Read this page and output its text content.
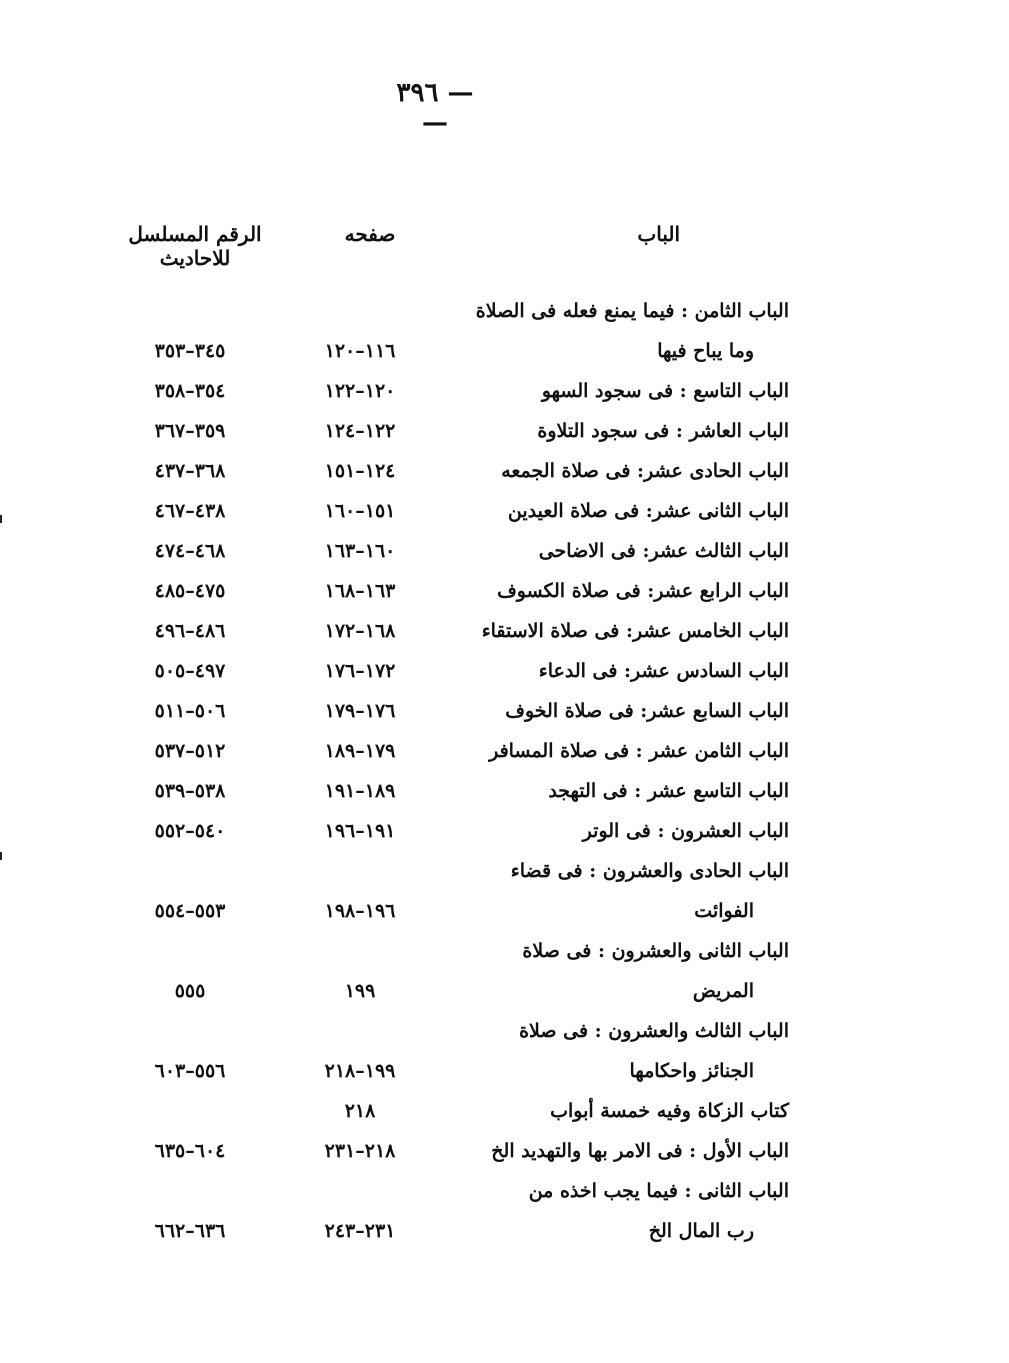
— ٣٩٦ —
الباب
صفحه
الرقم المسلسل للاحاديث
الباب الثامن : فيما يمنع فعله فى الصلاة
وما يباح فيها
١١٦–١٢٠
٣٤٥–٣٥٣
الباب التاسع : فى سجود السهو
١٢٠–١٢٢
٣٥٤–٣٥٨
الباب العاشر : فى سجود التلاوة
١٢٢–١٢٤
٣٥٩–٣٦٧
الباب الحادى عشر: فى صلاة الجمعه
١٢٤–١٥١
٣٦٨–٤٣٧
الباب الثانى عشر: فى صلاة العيدين
١٥١–١٦٠
٤٣٨–٤٦٧
الباب الثالث عشر: فى الاضاحى
١٦٠–١٦٣
٤٦٨–٤٧٤
الباب الرابع عشر: فى صلاة الكسوف
١٦٣–١٦٨
٤٧٥–٤٨٥
الباب الخامس عشر: فى صلاة الاستقاء
١٦٨–١٧٢
٤٨٦–٤٩٦
الباب السادس عشر: فى الدعاء
١٧٢–١٧٦
٤٩٧–٥٠٥
الباب السابع عشر: فى صلاة الخوف
١٧٦–١٧٩
٥٠٦–٥١١
الباب الثامن عشر : فى صلاة المسافر
١٧٩–١٨٩
٥١٢–٥٣٧
الباب التاسع عشر : فى التهجد
١٨٩–١٩١
٥٣٨–٥٣٩
الباب العشرون : فى الوتر
١٩١–١٩٦
٥٤٠–٥٥٢
الباب الحادى والعشرون : فى قضاء
الفوائت
١٩٦–١٩٨
٥٥٣–٥٥٤
الباب الثانى والعشرون : فى صلاة
المريض
١٩٩
٥٥٥
الباب الثالث والعشرون : فى صلاة
الجنائز واحكامها
١٩٩–٢١٨
٥٥٦–٦٠٣
كتاب الزكاة وفيه خمسة أبواب
٢١٨
الباب الأول : فى الامر بها والتهديد الخ
٢١٨–٢٣١
٦٠٤–٦٣٥
الباب الثانى : فيما يجب اخذه من
رب المال الخ
٢٣١–٢٤٣
٦٣٦–٦٦٢
